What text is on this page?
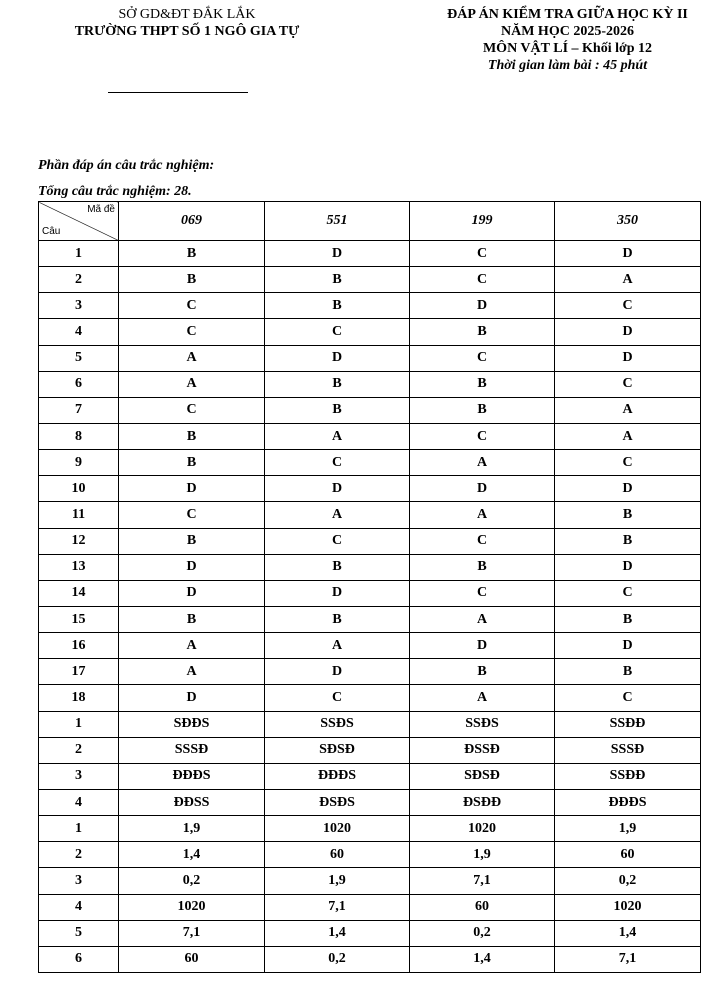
SỞ GD&ĐT ĐẮK LẮK
TRƯỜNG THPT SỐ 1 NGÔ GIA TỰ
ĐÁP ÁN KIỂM TRA GIỮA HỌC KỲ II
NĂM HỌC 2025-2026
MÔN VẬT LÍ – Khối lớp 12
Thời gian làm bài : 45 phút
Phần đáp án câu trắc nghiệm:
Tổng câu trắc nghiệm: 28.
Mã đề
Câu	069	551	199	350
1	B	D	C	D
2	B	B	C	A
3	C	B	D	C
4	C	C	B	D
5	A	D	C	D
6	A	B	B	C
7	C	B	B	A
8	B	A	C	A
9	B	C	A	C
10	D	D	D	D
11	C	A	A	B
12	B	C	C	B
13	D	B	B	D
14	D	D	C	C
15	B	B	A	B
16	A	A	D	D
17	A	D	B	B
18	D	C	A	C
1	SĐĐS	SSĐS	SSĐS	SSĐĐ
2	SSSĐ	SĐSĐ	ĐSSĐ	SSSĐ
3	ĐĐĐS	ĐĐĐS	SĐSĐ	SSĐĐ
4	ĐĐSS	ĐSĐS	ĐSĐĐ	ĐĐĐS
1	1,9	1020	1020	1,9
2	1,4	60	1,9	60
3	0,2	1,9	7,1	0,2
4	1020	7,1	60	1020
5	7,1	1,4	0,2	1,4
6	60	0,2	1,4	7,1
